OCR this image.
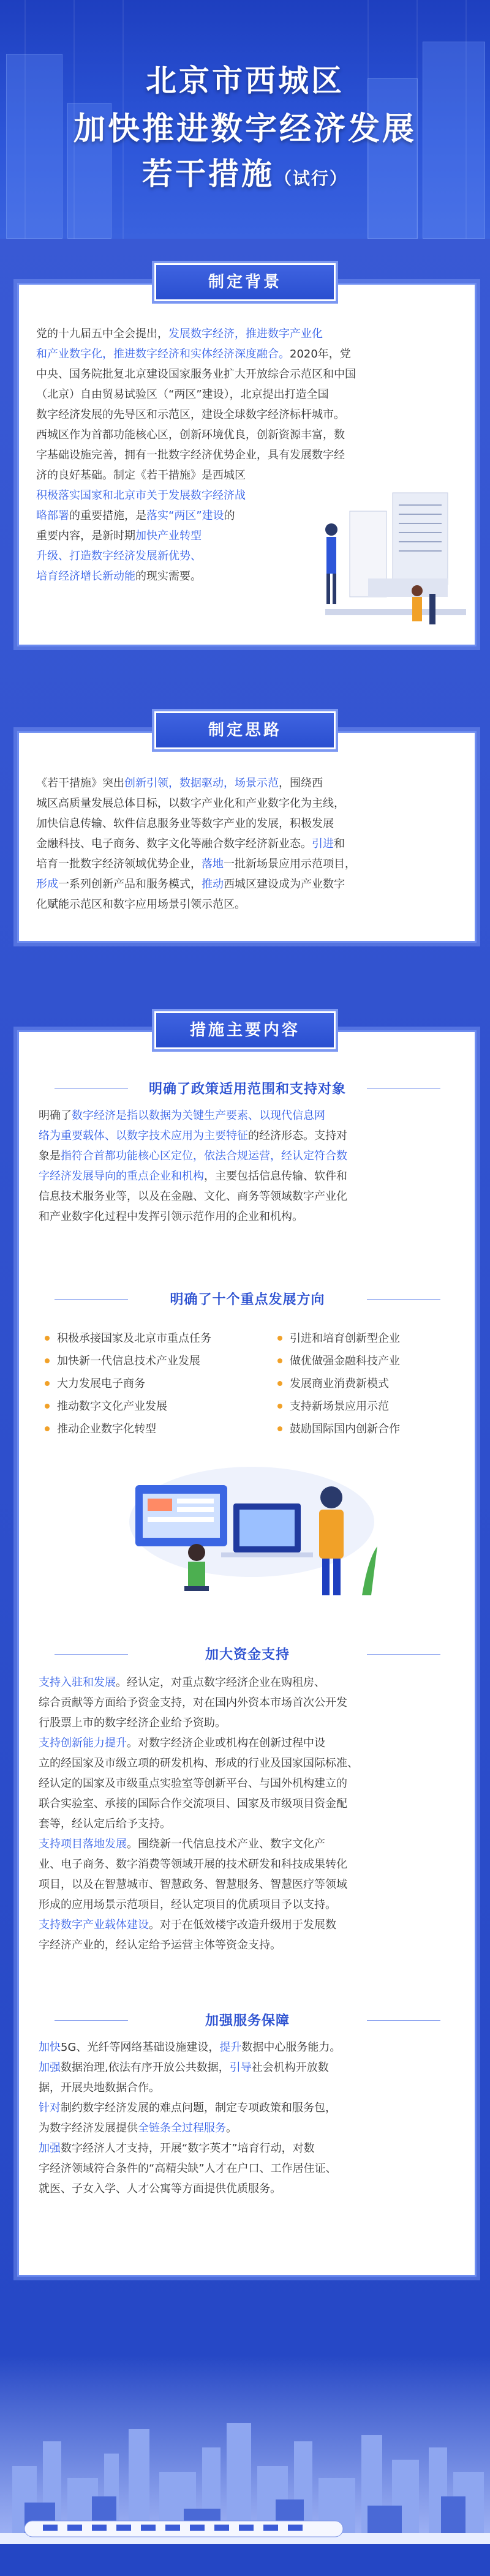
北京市西城区
加快推进数字经济发展
若干措施（试行）
党的十九届五中全会提出，发展数字经济，推进数字产业化
和产业数字化，推进数字经济和实体经济深度融合。2020年，党
中央、国务院批复北京建设国家服务业扩大开放综合示范区和中国
（北京）自由贸易试验区（“两区”建设），北京提出打造全国
数字经济发展的先导区和示范区，建设全球数字经济标杆城市。
西城区作为首都功能核心区，创新环境优良，创新资源丰富，数
字基础设施完善，拥有一批数字经济优势企业，具有发展数字经
济的良好基础。制定《若干措施》是西城区
积极落实国家和北京市关于发展数字经济战
略部署的重要措施，是落实“两区”建设的
重要内容，是新时期加快产业转型
升级、打造数字经济发展新优势、
培育经济增长新动能的现实需要。
制定背景
《若干措施》突出创新引领，数据驱动，场景示范，围绕西
城区高质量发展总体目标，以数字产业化和产业数字化为主线，
加快信息传输、软件信息服务业等数字产业的发展，积极发展
金融科技、电子商务、数字文化等融合数字经济新业态。引进和
培育一批数字经济领域优势企业，落地一批新场景应用示范项目，
形成一系列创新产品和服务模式，推动西城区建设成为产业数字
化赋能示范区和数字应用场景引领示范区。
制定思路
明确了政策适用范围和支持对象
明确了数字经济是指以数据为关键生产要素、以现代信息网
络为重要载体、以数字技术应用为主要特征的经济形态。支持对
象是指符合首都功能核心区定位，依法合规运营，经认定符合数
字经济发展导向的重点企业和机构，主要包括信息传输、软件和
信息技术服务业等，以及在金融、文化、商务等领域数字产业化
和产业数字化过程中发挥引领示范作用的企业和机构。
明确了十个重点发展方向
积极承接国家及北京市重点任务
加快新一代信息技术产业发展
大力发展电子商务
推动数字文化产业发展
推动企业数字化转型
引进和培育创新型企业
做优做强金融科技产业
发展商业消费新模式
支持新场景应用示范
鼓励国际国内创新合作
加大资金支持
支持入驻和发展。经认定，对重点数字经济企业在购租房、
综合贡献等方面给予资金支持，对在国内外资本市场首次公开发
行股票上市的数字经济企业给予资助。
支持创新能力提升。对数字经济企业或机构在创新过程中设
立的经国家及市级立项的研发机构、形成的行业及国家国际标准、
经认定的国家及市级重点实验室等创新平台、与国外机构建立的
联合实验室、承接的国际合作交流项目、国家及市级项目资金配
套等，经认定后给予支持。
支持项目落地发展。围绕新一代信息技术产业、数字文化产
业、电子商务、数字消费等领域开展的技术研发和科技成果转化
项目，以及在智慧城市、智慧政务、智慧服务、智慧医疗等领域
形成的应用场景示范项目，经认定项目的优质项目予以支持。
支持数字产业载体建设。对于在低效楼宇改造升级用于发展数
字经济产业的，经认定给予运营主体等资金支持。
加强服务保障
加快5G、光纤等网络基础设施建设，提升数据中心服务能力。
加强数据治理,依法有序开放公共数据，引导社会机构开放数
据，开展央地数据合作。
针对制约数字经济发展的难点问题，制定专项政策和服务包，
为数字经济发展提供全链条全过程服务。
加强数字经济人才支持，开展“数字英才”培育行动，对数
字经济领域符合条件的“高精尖缺”人才在户口、工作居住证、
就医、子女入学、人才公寓等方面提供优质服务。
措施主要内容
